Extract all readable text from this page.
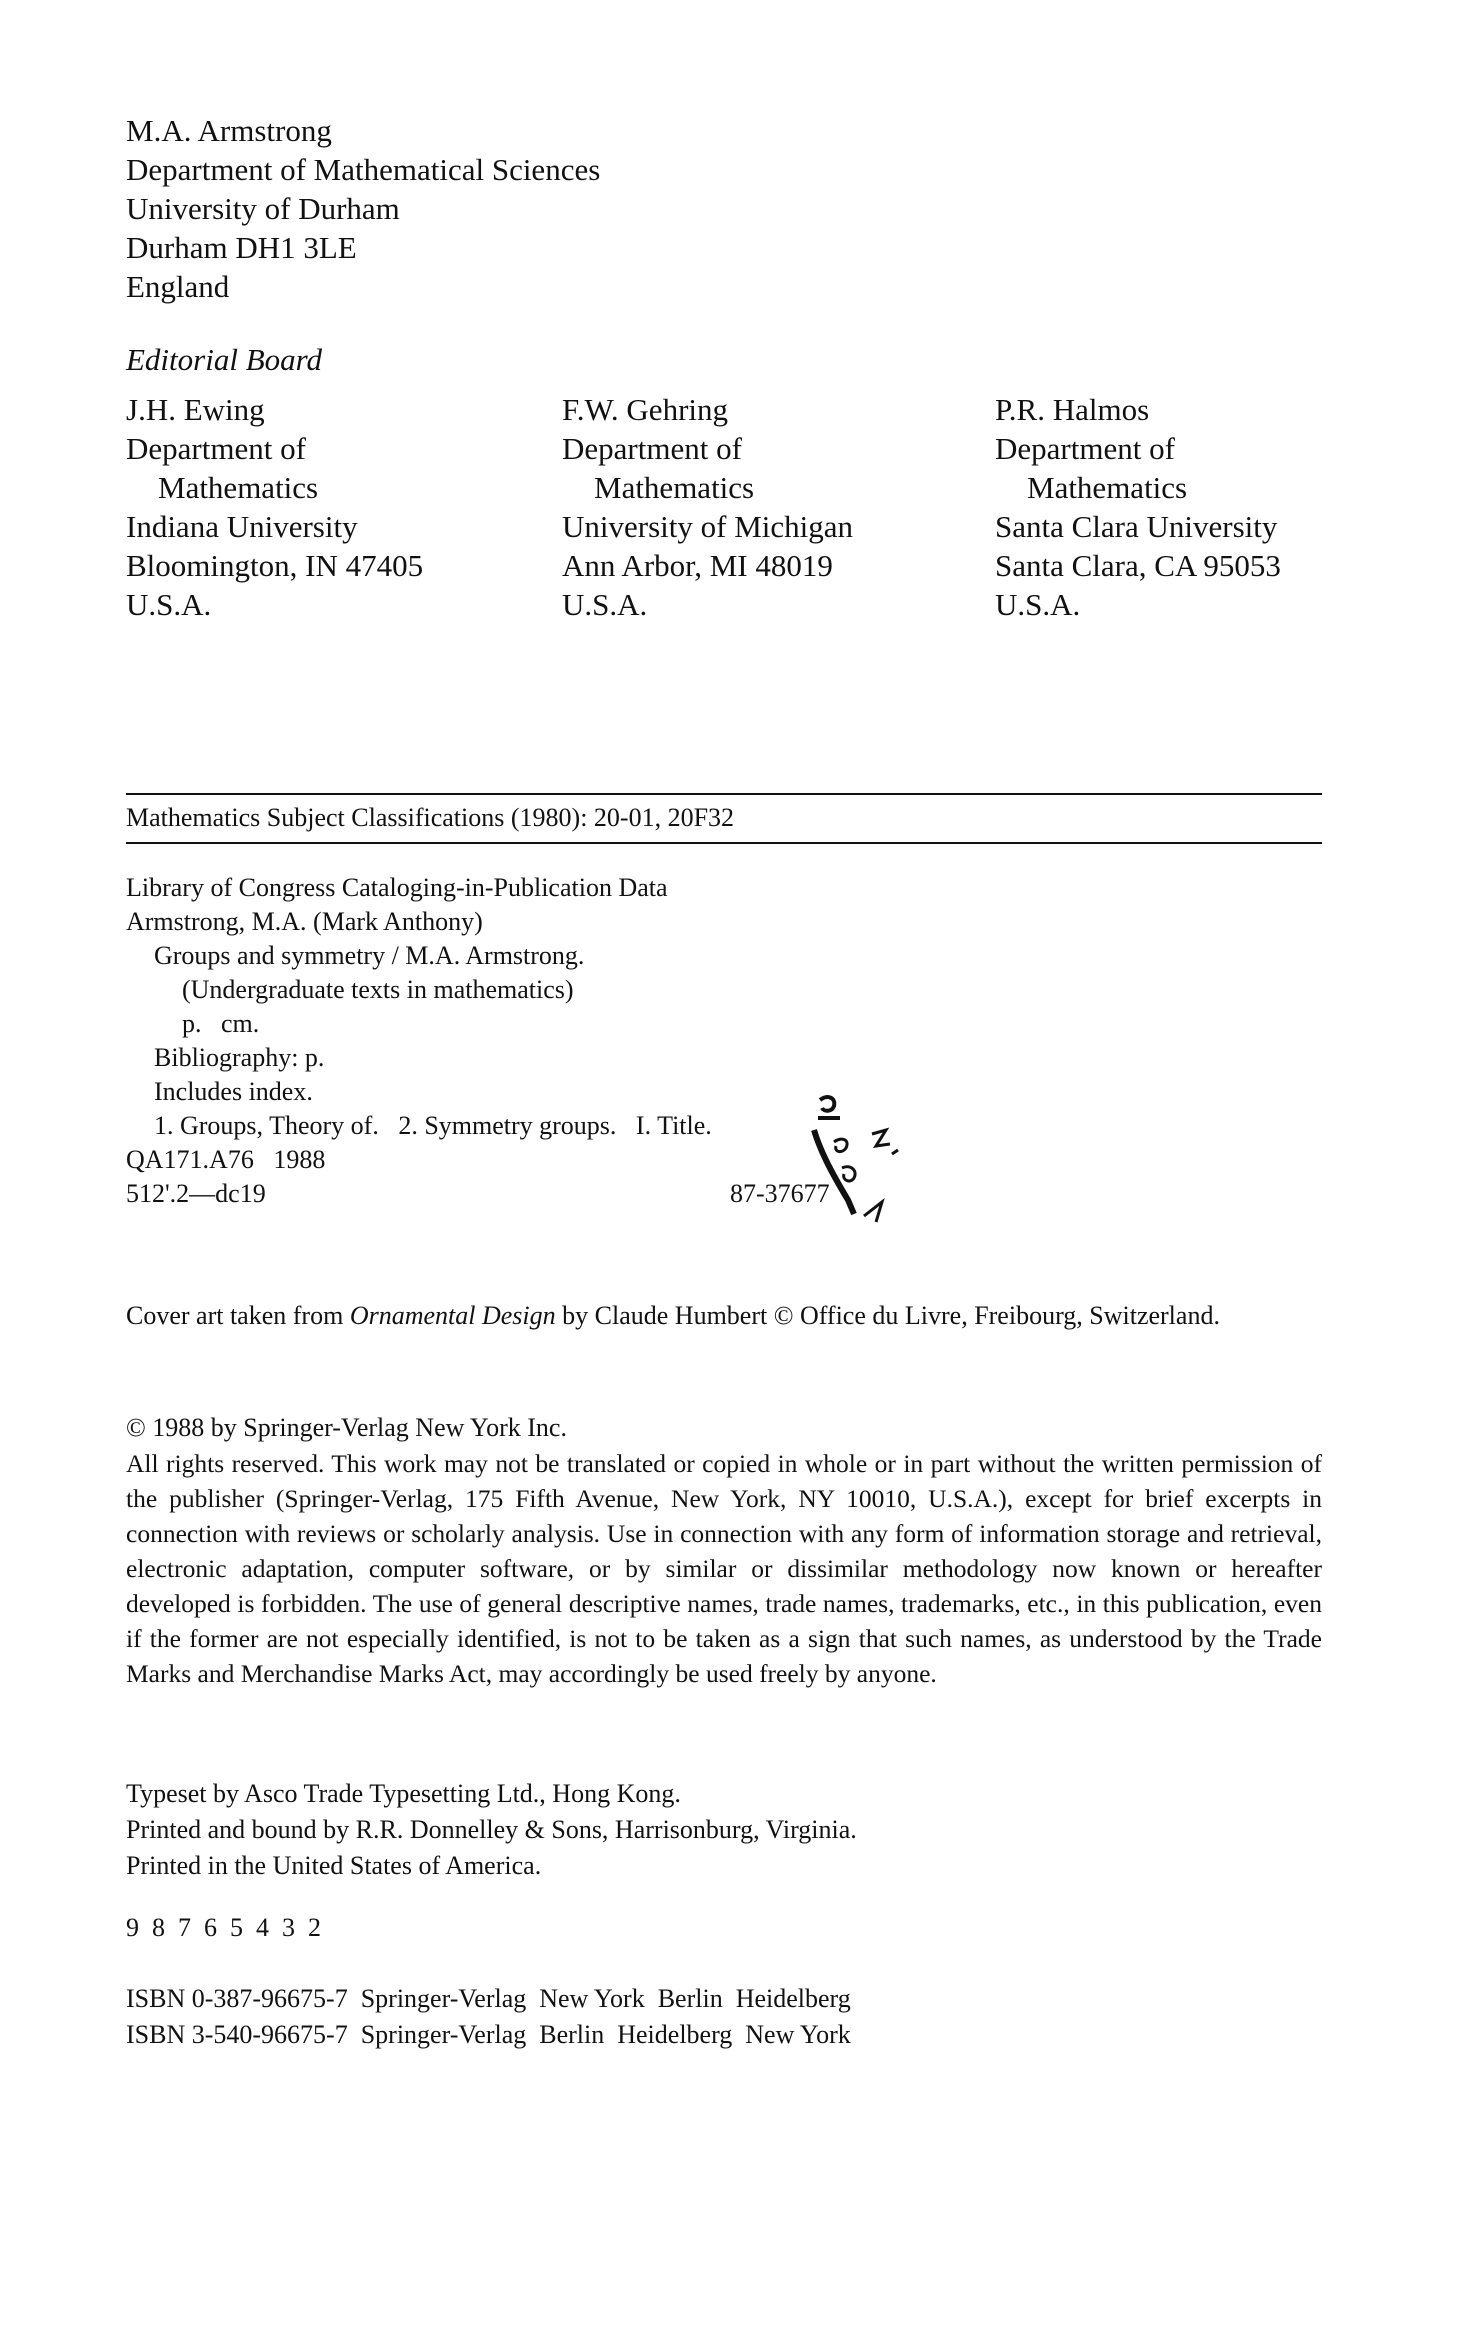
M.A. Armstrong
Department of Mathematical Sciences
University of Durham
Durham DH1 3LE
England
Editorial Board
J.H. Ewing
Department of
Mathematics
Indiana University
Bloomington, IN 47405
U.S.A.
F.W. Gehring
Department of
Mathematics
University of Michigan
Ann Arbor, MI 48019
U.S.A.
P.R. Halmos
Department of
Mathematics
Santa Clara University
Santa Clara, CA 95053
U.S.A.
Mathematics Subject Classifications (1980): 20-01, 20F32
Library of Congress Cataloging-in-Publication Data
Armstrong, M.A. (Mark Anthony)
Groups and symmetry / M.A. Armstrong.
(Undergraduate texts in mathematics)
p.   cm.
Bibliography: p.
Includes index.
1. Groups, Theory of.   2. Symmetry groups.   I. Title.
QA171.A76   1988
512'.2—dc19	87-37677
Cover art taken from Ornamental Design by Claude Humbert © Office du Livre, Freibourg, Switzerland.
© 1988 by Springer-Verlag New York Inc.
All rights reserved. This work may not be translated or copied in whole or in part without the written permission of the publisher (Springer-Verlag, 175 Fifth Avenue, New York, NY 10010, U.S.A.), except for brief excerpts in connection with reviews or scholarly analysis. Use in connection with any form of information storage and retrieval, electronic adaptation, computer software, or by similar or dissimilar methodology now known or hereafter developed is forbidden. The use of general descriptive names, trade names, trademarks, etc., in this publication, even if the former are not especially identified, is not to be taken as a sign that such names, as understood by the Trade Marks and Merchandise Marks Act, may accordingly be used freely by anyone.
Typeset by Asco Trade Typesetting Ltd., Hong Kong.
Printed and bound by R.R. Donnelley & Sons, Harrisonburg, Virginia.
Printed in the United States of America.
9  8  7  6  5  4  3  2
ISBN 0-387-96675-7  Springer-Verlag  New York  Berlin  Heidelberg
ISBN 3-540-96675-7  Springer-Verlag  Berlin  Heidelberg  New York
